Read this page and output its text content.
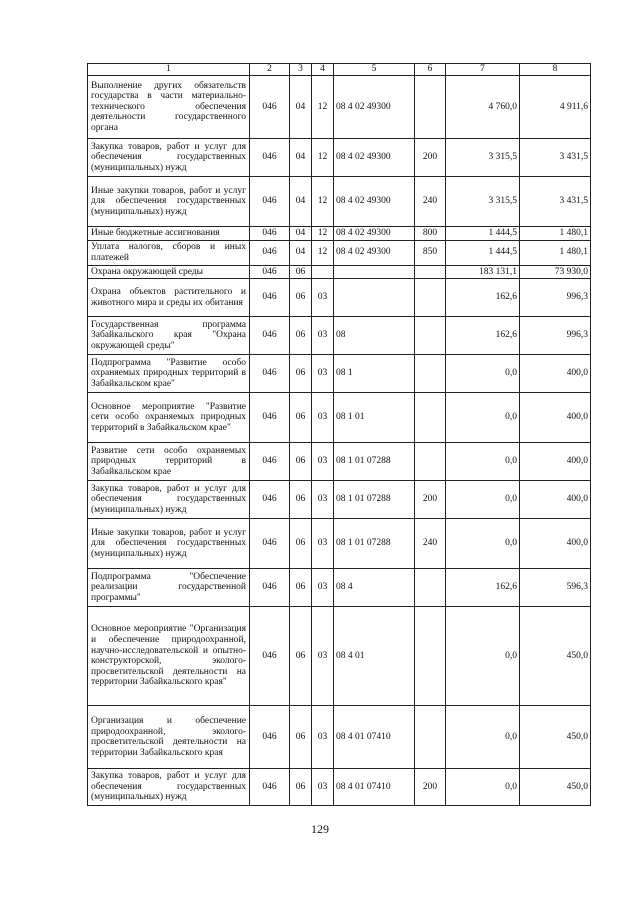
1	2	3	4	5	6	7	8
Выполнение других обязательств государства в части материально-технического обеспечения деятельности государственного органа	046	04	12	08 4 02 49300		4 760,0	4 911,6
Закупка товаров, работ и услуг для обеспечения государственных (муниципальных) нужд	046	04	12	08 4 02 49300	200	3 315,5	3 431,5
Иные закупки товаров, работ и услуг для обеспечения государственных (муниципальных) нужд	046	04	12	08 4 02 49300	240	3 315,5	3 431,5
Иные бюджетные ассигнования	046	04	12	08 4 02 49300	800	1 444,5	1 480,1
Уплата налогов, сборов и иных платежей	046	04	12	08 4 02 49300	850	1 444,5	1 480,1
Охрана окружающей среды	046	06				183 131,1	73 930,0
Охрана объектов растительного и животного мира и среды их обитания	046	06	03			162,6	996,3
Государственная программа Забайкальского края "Охрана окружающей среды"	046	06	03	08		162,6	996,3
Подпрограмма "Развитие особо охраняемых природных территорий в Забайкальском крае"	046	06	03	08 1		0,0	400,0
Основное мероприятие "Развитие сети особо охраняемых природных территорий в Забайкальском крае"	046	06	03	08 1 01		0,0	400,0
Развитие сети особо охраняемых природных территорий в Забайкальском крае	046	06	03	08 1 01 07288		0,0	400,0
Закупка товаров, работ и услуг для обеспечения государственных (муниципальных) нужд	046	06	03	08 1 01 07288	200	0,0	400,0
Иные закупки товаров, работ и услуг для обеспечения государственных (муниципальных) нужд	046	06	03	08 1 01 07288	240	0,0	400,0
Подпрограмма "Обеспечение реализации государственной программы"	046	06	03	08 4		162,6	596,3
Основное мероприятие "Организация и обеспечение природоохранной, научно-исследовательской и опытно-конструкторской, эколого-просветительской деятельности на территории Забайкальского края"	046	06	03	08 4 01		0,0	450,0
Организация и обеспечение природоохранной, эколого-просветительской деятельности на территории Забайкальского края	046	06	03	08 4 01 07410		0,0	450,0
Закупка товаров, работ и услуг для обеспечения государственных (муниципальных) нужд	046	06	03	08 4 01 07410	200	0,0	450,0
129
